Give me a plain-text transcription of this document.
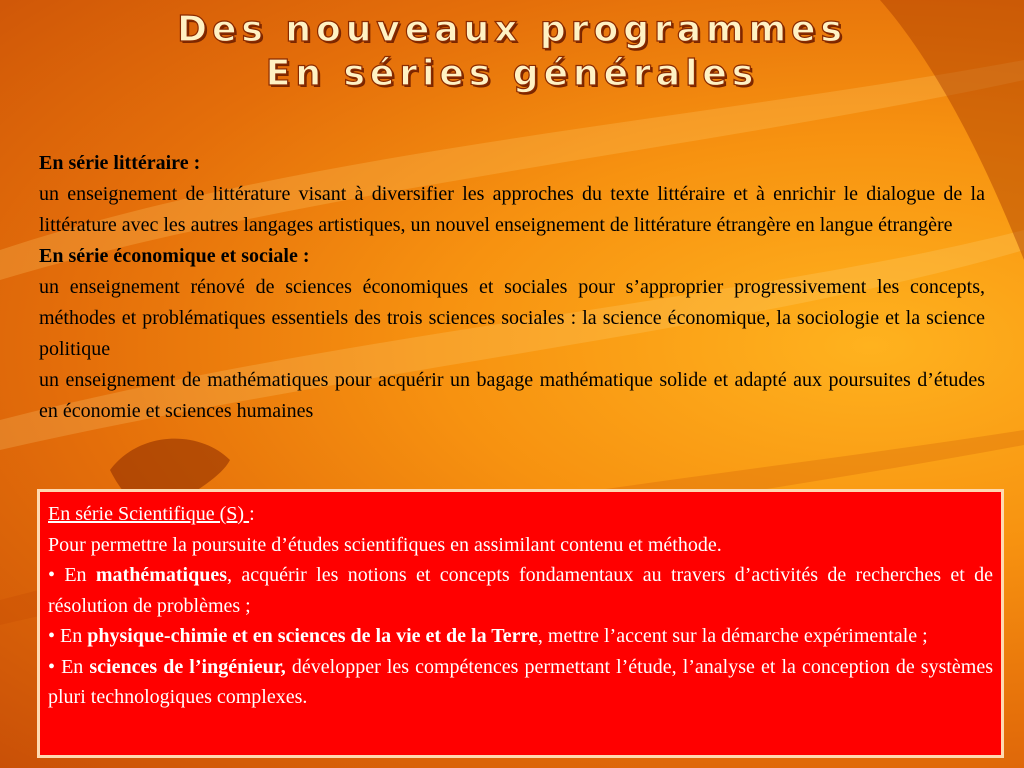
Des nouveaux programmes
En séries générales

En série littéraire :

un enseignement de littérature visant à diversifier les approches du texte littéraire et à enrichir le dialogue de la littérature avec les autres langages artistiques, un nouvel enseignement de littérature étrangère en langue étrangère

En série économique et sociale :

un enseignement rénové de sciences économiques et sociales pour s’approprier progressivement les concepts, méthodes et problématiques essentiels des trois sciences sociales : la science économique, la sociologie et la science politique

un enseignement de mathématiques pour acquérir un bagage mathématique solide et adapté aux poursuites d’études en économie et sciences humaines

En série Scientifique (S) :

Pour permettre la poursuite d’études scientifiques en assimilant contenu et méthode.

• En mathématiques, acquérir les notions et concepts fondamentaux au travers d’activités de recherches et de résolution de problèmes ;

• En physique-chimie et en sciences de la vie et de la Terre, mettre l’accent sur la démarche expérimentale ;

• En sciences de l’ingénieur, développer les compétences permettant l’étude, l’analyse et la conception de systèmes pluri technologiques complexes.
